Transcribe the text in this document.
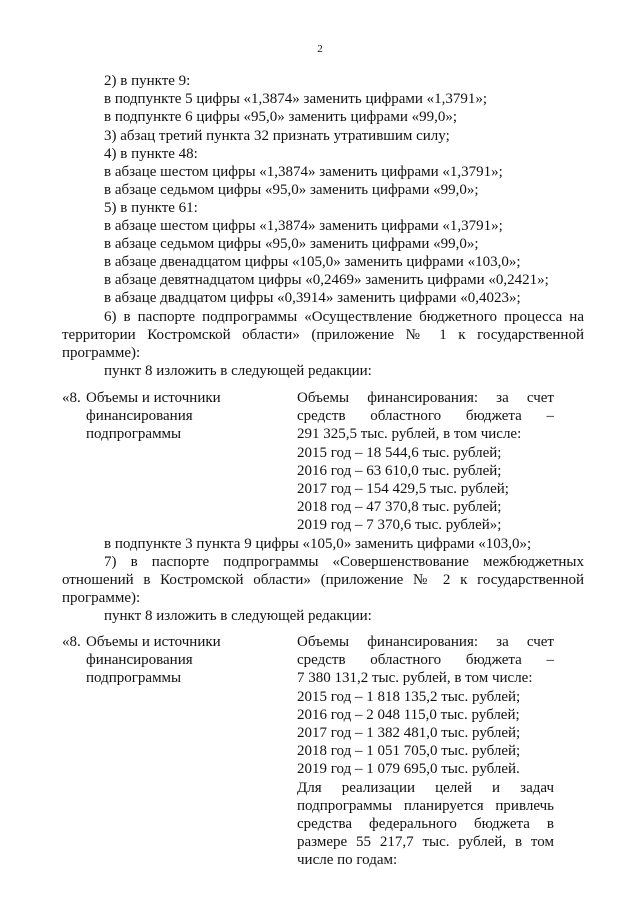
2
2) в пункте 9:
в подпункте 5 цифры «1,3874» заменить цифрами «1,3791»;
в подпункте 6 цифры «95,0» заменить цифрами «99,0»;
3) абзац третий пункта 32 признать утратившим силу;
4) в пункте 48:
в абзаце шестом цифры «1,3874» заменить цифрами «1,3791»;
в абзаце седьмом цифры «95,0» заменить цифрами «99,0»;
5) в пункте 61:
в абзаце шестом цифры «1,3874» заменить цифрами «1,3791»;
в абзаце седьмом цифры «95,0» заменить цифрами «99,0»;
в абзаце двенадцатом цифры «105,0» заменить цифрами «103,0»;
в абзаце девятнадцатом цифры «0,2469» заменить цифрами «0,2421»;
в абзаце двадцатом цифры «0,3914» заменить цифрами «0,4023»;
6) в паспорте подпрограммы «Осуществление бюджетного процесса на
территории Костромской области» (приложение № 1 к государственной
программе):
пункт 8 изложить в следующей редакции:
«8. Объемы и источники
финансирования
подпрограммы
Объемы финансирования: за счет
средств областного бюджета –
291 325,5 тыс. рублей, в том числе:
2015 год – 18 544,6 тыс. рублей;
2016 год – 63 610,0 тыс. рублей;
2017 год – 154 429,5 тыс. рублей;
2018 год – 47 370,8 тыс. рублей;
2019 год – 7 370,6 тыс. рублей»;
в подпункте 3 пункта 9 цифры «105,0» заменить цифрами «103,0»;
7) в паспорте подпрограммы «Совершенствование межбюджетных
отношений в Костромской области» (приложение № 2 к государственной
программе):
пункт 8 изложить в следующей редакции:
«8. Объемы и источники
финансирования
подпрограммы
Объемы финансирования: за счет
средств областного бюджета –
7 380 131,2 тыс. рублей, в том числе:
2015 год – 1 818 135,2 тыс. рублей;
2016 год – 2 048 115,0 тыс. рублей;
2017 год – 1 382 481,0 тыс. рублей;
2018 год – 1 051 705,0 тыс. рублей;
2019 год – 1 079 695,0 тыс. рублей.
Для реализации целей и задач
подпрограммы планируется привлечь
средства федерального бюджета в
размере 55 217,7 тыс. рублей, в том
числе по годам:
